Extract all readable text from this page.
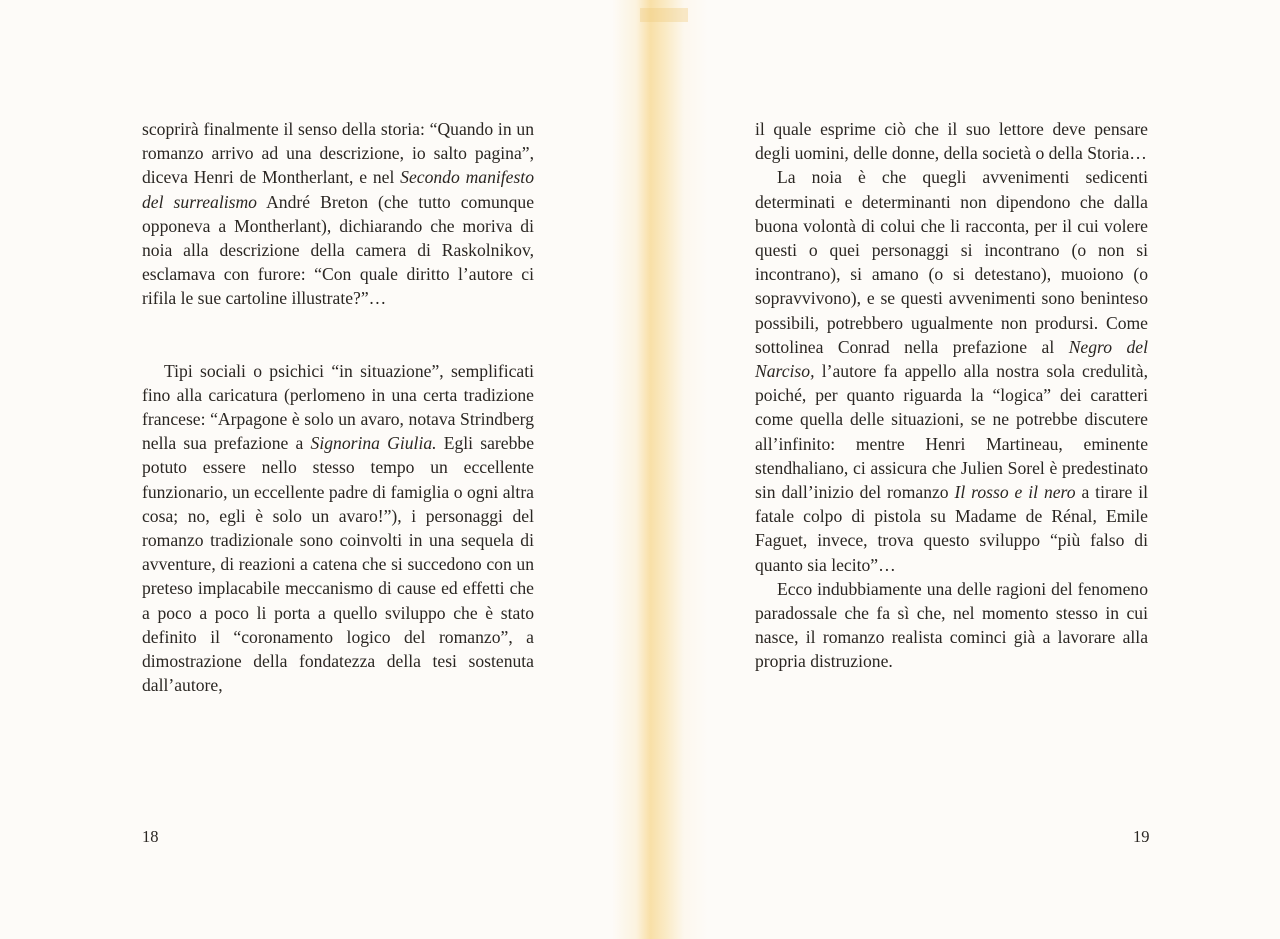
scoprirà finalmente il senso della storia: “Quando in un romanzo arrivo ad una descrizione, io salto pagina”, diceva Henri de Montherlant, e nel Secondo manifesto del surrealismo André Breton (che tutto comunque opponeva a Montherlant), dichiarando che moriva di noia alla descrizione della camera di Raskolnikov, esclamava con furore: “Con quale diritto l’autore ci rifila le sue cartoline illustrate?”…

Tipi sociali o psichici “in situazione”, semplificati fino alla caricatura (perlomeno in una certa tradizione francese: “Arpagone è solo un avaro, notava Strindberg nella sua prefazione a Signorina Giulia. Egli sarebbe potuto essere nello stesso tempo un eccellente funzionario, un eccellente padre di famiglia o ogni altra cosa; no, egli è solo un avaro!”), i personaggi del romanzo tradizionale sono coinvolti in una sequela di avventure, di reazioni a catena che si succedono con un preteso implacabile meccanismo di cause ed effetti che a poco a poco li porta a quello sviluppo che è stato definito il “coronamento logico del romanzo”, a dimostrazione della fondatezza della tesi sostenuta dall’autore,

18

il quale esprime ciò che il suo lettore deve pensare degli uomini, delle donne, della società o della Storia…

La noia è che quegli avvenimenti sedicenti determinati e determinanti non dipendono che dalla buona volontà di colui che li racconta, per il cui volere questi o quei personaggi si incontrano (o non si incontrano), si amano (o si detestano), muoiono (o sopravvivono), e se questi avvenimenti sono beninteso possibili, potrebbero ugualmente non prodursi. Come sottolinea Conrad nella prefazione al Negro del Narciso, l’autore fa appello alla nostra sola credulità, poiché, per quanto riguarda la “logica” dei caratteri come quella delle situazioni, se ne potrebbe discutere all’infinito: mentre Henri Martineau, eminente stendhaliano, ci assicura che Julien Sorel è predestinato sin dall’inizio del romanzo Il rosso e il nero a tirare il fatale colpo di pistola su Madame de Rénal, Emile Faguet, invece, trova questo sviluppo “più falso di quanto sia lecito”…

Ecco indubbiamente una delle ragioni del fenomeno paradossale che fa sì che, nel momento stesso in cui nasce, il romanzo realista cominci già a lavorare alla propria distruzione.

19
